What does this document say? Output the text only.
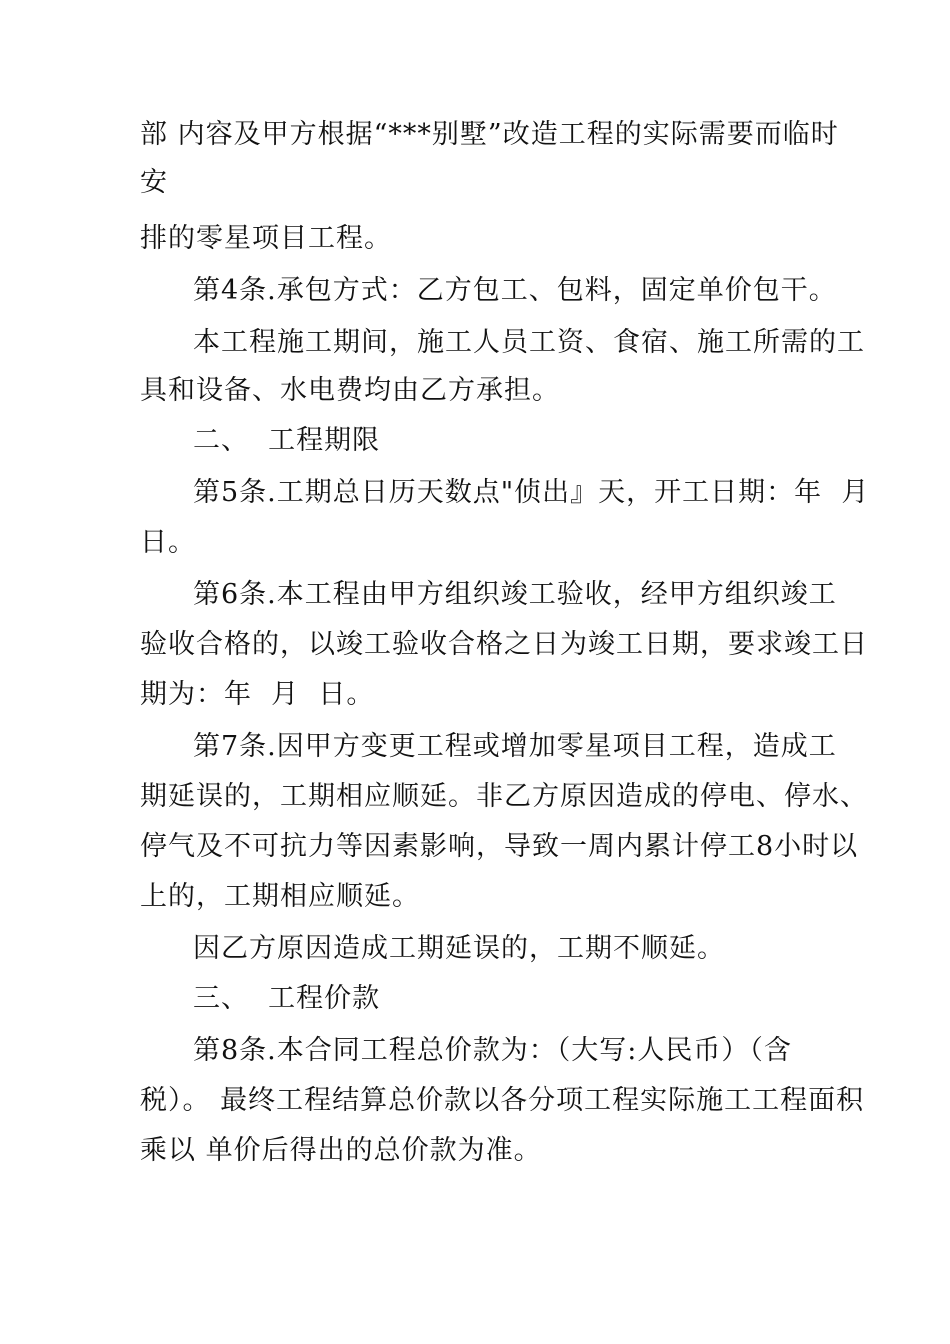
部 内容及甲方根据“***别墅”改造工程的实际需要而临时
安
排的零星项目工程。
第4条.承包方式：乙方包工、包料，固定单价包干。
本工程施工期间，施工人员工资、食宿、施工所需的工
具和设备、水电费均由乙方承担。
二、  工程期限
第5条.工期总日历天数点"侦出』天，开工日期：年  月
日。
第6条.本工程由甲方组织竣工验收，经甲方组织竣工
验收合格的，以竣工验收合格之日为竣工日期，要求竣工日
期为：年  月  日。
第7条.因甲方变更工程或增加零星项目工程，造成工
期延误的，工期相应顺延。非乙方原因造成的停电、停水、
停气及不可抗力等因素影响，导致一周内累计停工8小时以
上的，工期相应顺延。
因乙方原因造成工期延误的，工期不顺延。
三、  工程价款
第8条.本合同工程总价款为：（大写:人民币）（含
税）。 最终工程结算总价款以各分项工程实际施工工程面积
乘以 单价后得出的总价款为准。
